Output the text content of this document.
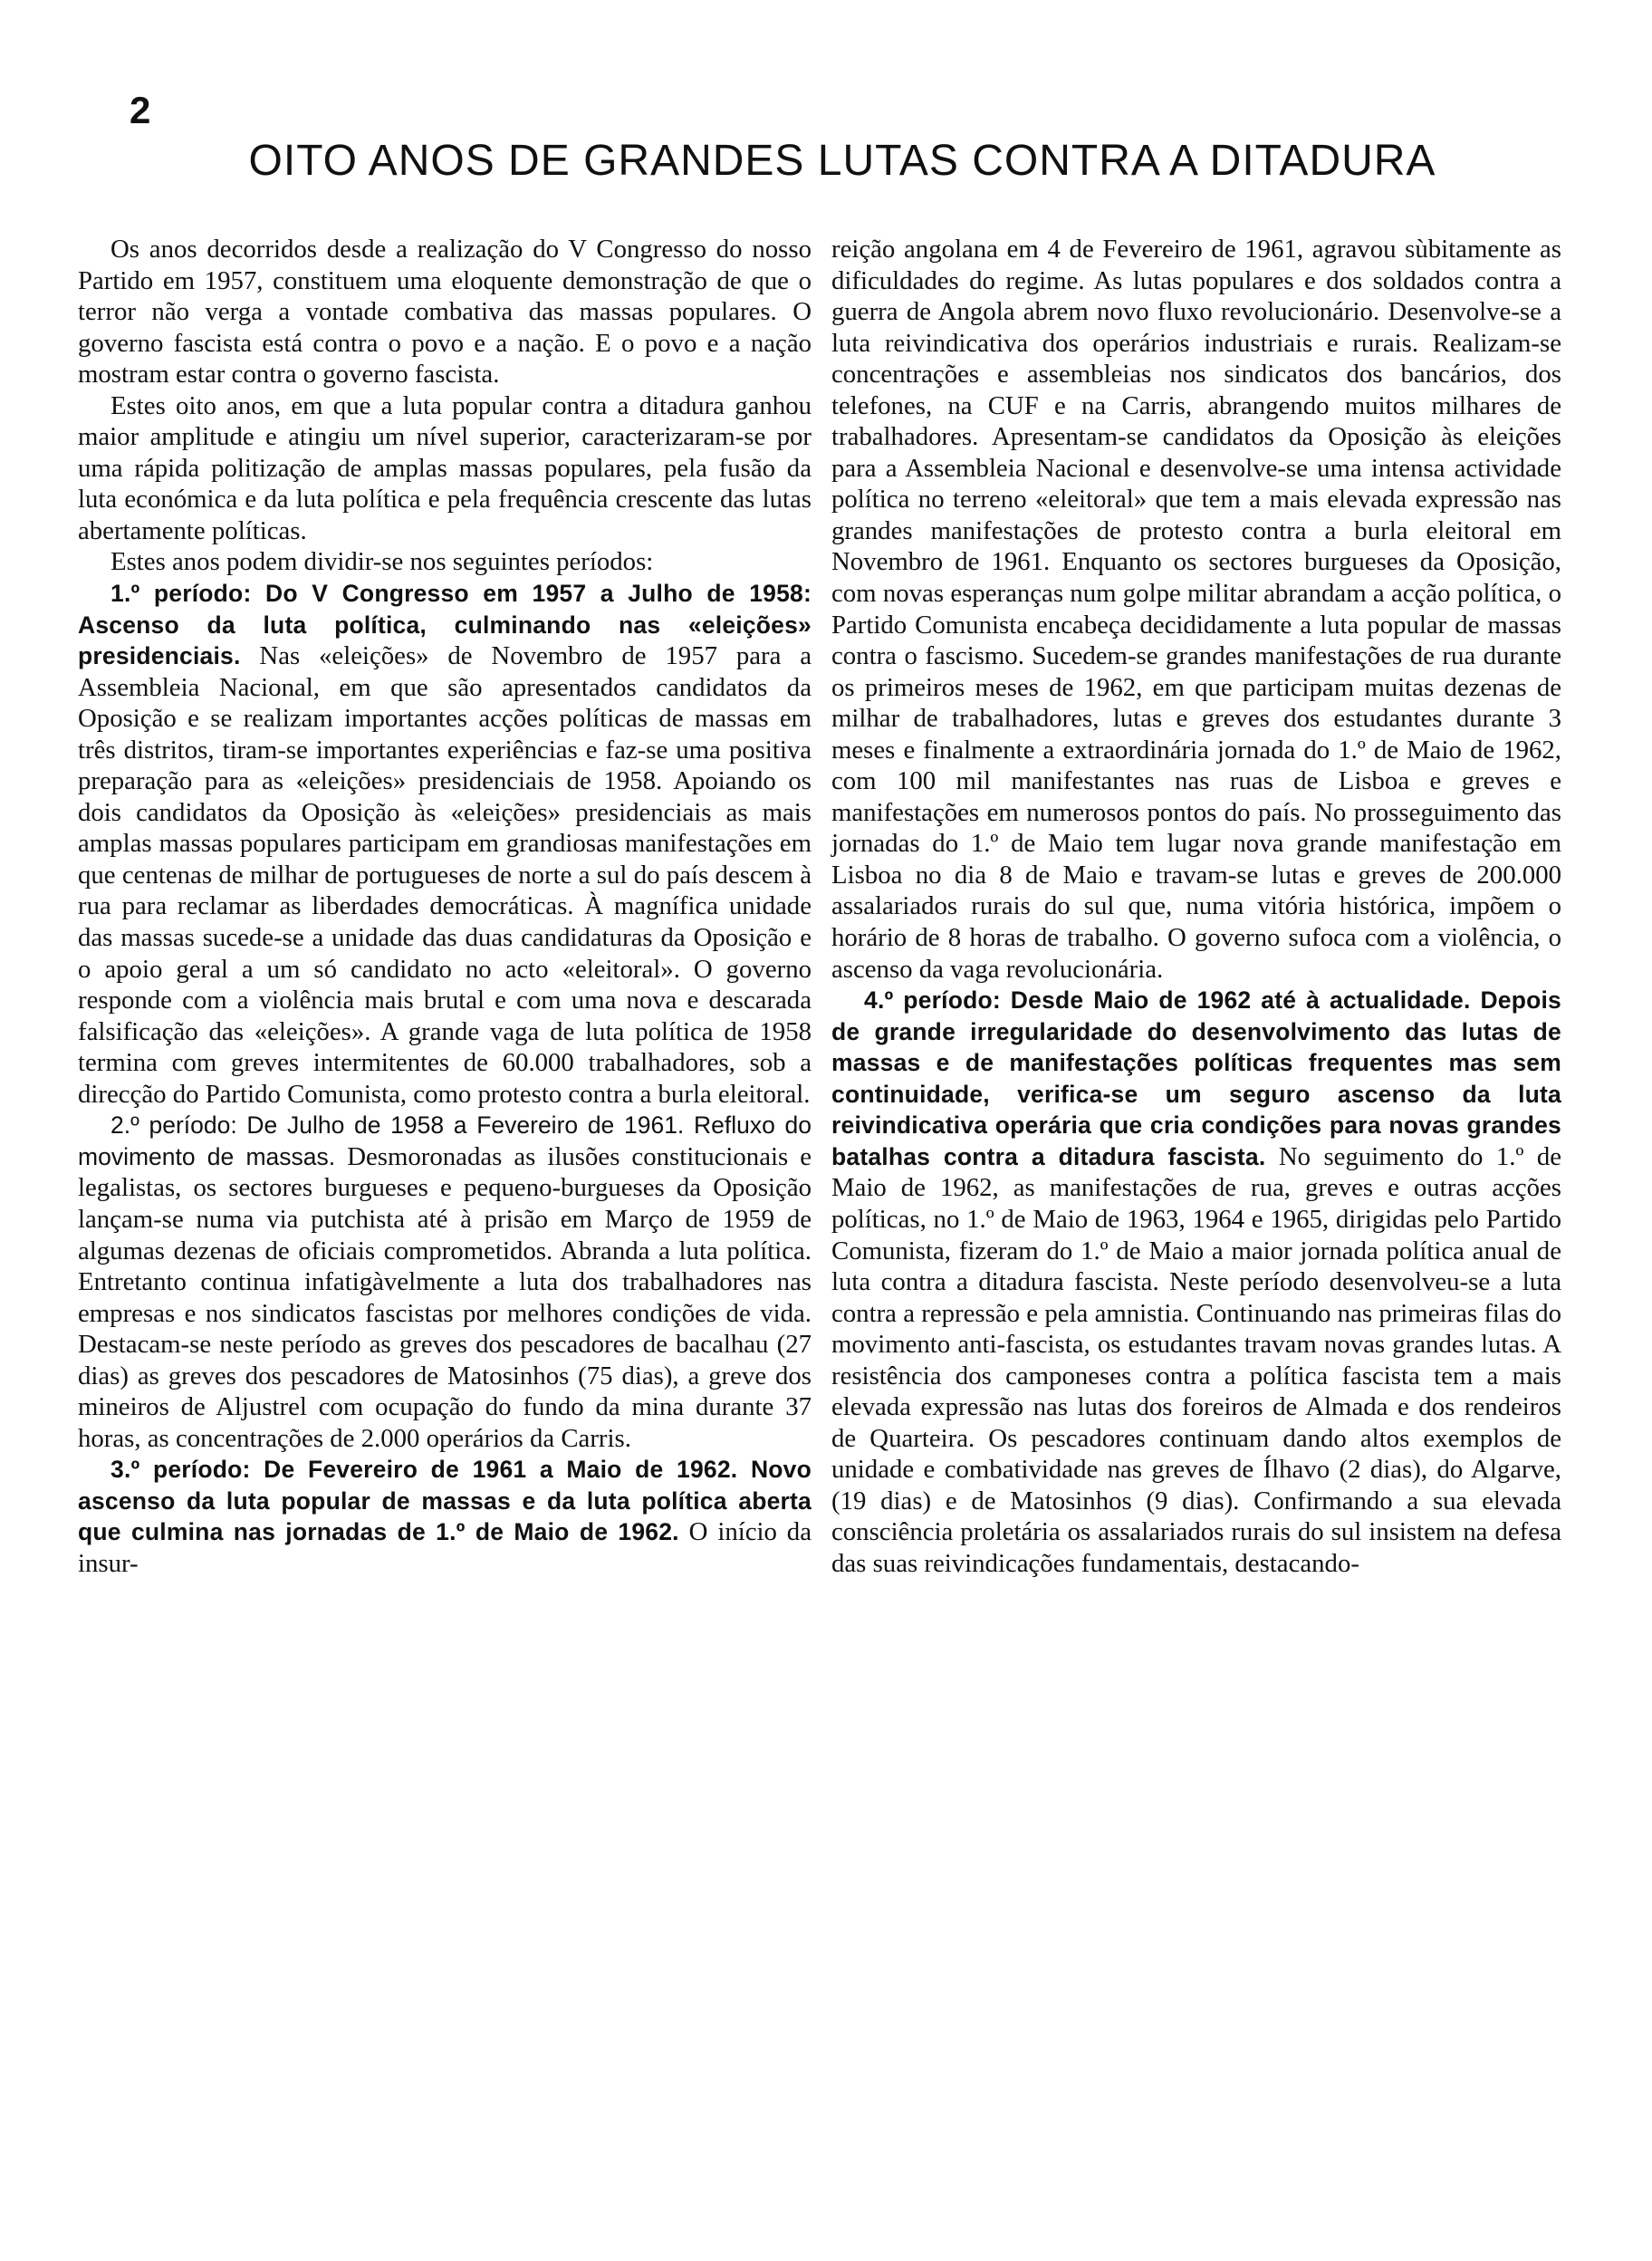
2
OITO ANOS DE GRANDES LUTAS CONTRA A DITADURA

Os anos decorridos desde a realização do V Congresso do nosso Partido em 1957, constituem uma eloquente demonstração de que o terror não verga a vontade combativa das massas populares. O governo fascista está contra o povo e a nação. E o povo e a nação mostram estar contra o governo fascista.

Estes oito anos, em que a luta popular contra a ditadura ganhou maior amplitude e atingiu um nível superior, caracterizaram-se por uma rápida politização de amplas massas populares, pela fusão da luta económica e da luta política e pela frequência crescente das lutas abertamente políticas.

Estes anos podem dividir-se nos seguintes períodos:

1.º período: Do V Congresso em 1957 a Julho de 1958: Ascenso da luta política, culminando nas «eleições» presidenciais. Nas «eleições» de Novembro de 1957 para a Assembleia Nacional, em que são apresentados candidatos da Oposição e se realizam importantes acções políticas de massas em três distritos, tiram-se importantes experiências e faz-se uma positiva preparação para as «eleições» presidenciais de 1958. Apoiando os dois candidatos da Oposição às «eleições» presidenciais as mais amplas massas populares participam em grandiosas manifestações em que centenas de milhar de portugueses de norte a sul do país descem à rua para reclamar as liberdades democráticas. À magnífica unidade das massas sucede-se a unidade das duas candidaturas da Oposição e o apoio geral a um só candidato no acto «eleitoral». O governo responde com a violência mais brutal e com uma nova e descarada falsificação das «eleições». A grande vaga de luta política de 1958 termina com greves intermitentes de 60.000 trabalhadores, sob a direcção do Partido Comunista, como protesto contra a burla eleitoral.

2.º período: De Julho de 1958 a Fevereiro de 1961. Refluxo do movimento de massas. Desmoronadas as ilusões constitucionais e legalistas, os sectores burgueses e pequeno-burgueses da Oposição lançam-se numa via putchista até à prisão em Março de 1959 de algumas dezenas de oficiais comprometidos. Abranda a luta política. Entretanto continua infatigàvelmente a luta dos trabalhadores nas empresas e nos sindicatos fascistas por melhores condições de vida. Destacam-se neste período as greves dos pescadores de bacalhau (27 dias) as greves dos pescadores de Matosinhos (75 dias), a greve dos mineiros de Aljustrel com ocupação do fundo da mina durante 37 horas, as concentrações de 2.000 operários da Carris.

3.º período: De Fevereiro de 1961 a Maio de 1962. Novo ascenso da luta popular de massas e da luta política aberta que culmina nas jornadas de 1.º de Maio de 1962. O início da insur-

reição angolana em 4 de Fevereiro de 1961, agravou sùbitamente as dificuldades do regime. As lutas populares e dos soldados contra a guerra de Angola abrem novo fluxo revolucionário. Desenvolve-se a luta reivindicativa dos operários industriais e rurais. Realizam-se concentrações e assembleias nos sindicatos dos bancários, dos telefones, na CUF e na Carris, abrangendo muitos milhares de trabalhadores. Apresentam-se candidatos da Oposição às eleições para a Assembleia Nacional e desenvolve-se uma intensa actividade política no terreno «eleitoral» que tem a mais elevada expressão nas grandes manifestações de protesto contra a burla eleitoral em Novembro de 1961. Enquanto os sectores burgueses da Oposição, com novas esperanças num golpe militar abrandam a acção política, o Partido Comunista encabeça decididamente a luta popular de massas contra o fascismo. Sucedem-se grandes manifestações de rua durante os primeiros meses de 1962, em que participam muitas dezenas de milhar de trabalhadores, lutas e greves dos estudantes durante 3 meses e finalmente a extraordinária jornada do 1.º de Maio de 1962, com 100 mil manifestantes nas ruas de Lisboa e greves e manifestações em numerosos pontos do país. No prosseguimento das jornadas do 1.º de Maio tem lugar nova grande manifestação em Lisboa no dia 8 de Maio e travam-se lutas e greves de 200.000 assalariados rurais do sul que, numa vitória histórica, impõem o horário de 8 horas de trabalho. O governo sufoca com a violência, o ascenso da vaga revolucionária.

4.º período: Desde Maio de 1962 até à actualidade. Depois de grande irregularidade do desenvolvimento das lutas de massas e de manifestações políticas frequentes mas sem continuidade, verifica-se um seguro ascenso da luta reivindicativa operária que cria condições para novas grandes batalhas contra a ditadura fascista. No seguimento do 1.º de Maio de 1962, as manifestações de rua, greves e outras acções políticas, no 1.º de Maio de 1963, 1964 e 1965, dirigidas pelo Partido Comunista, fizeram do 1.º de Maio a maior jornada política anual de luta contra a ditadura fascista. Neste período desenvolveu-se a luta contra a repressão e pela amnistia. Continuando nas primeiras filas do movimento anti-fascista, os estudantes travam novas grandes lutas. A resistência dos camponeses contra a política fascista tem a mais elevada expressão nas lutas dos foreiros de Almada e dos rendeiros de Quarteira. Os pescadores continuam dando altos exemplos de unidade e combatividade nas greves de Ílhavo (2 dias), do Algarve, (19 dias) e de Matosinhos (9 dias). Confirmando a sua elevada consciência proletária os assalariados rurais do sul insistem na defesa das suas reivindicações fundamentais, destacando-
